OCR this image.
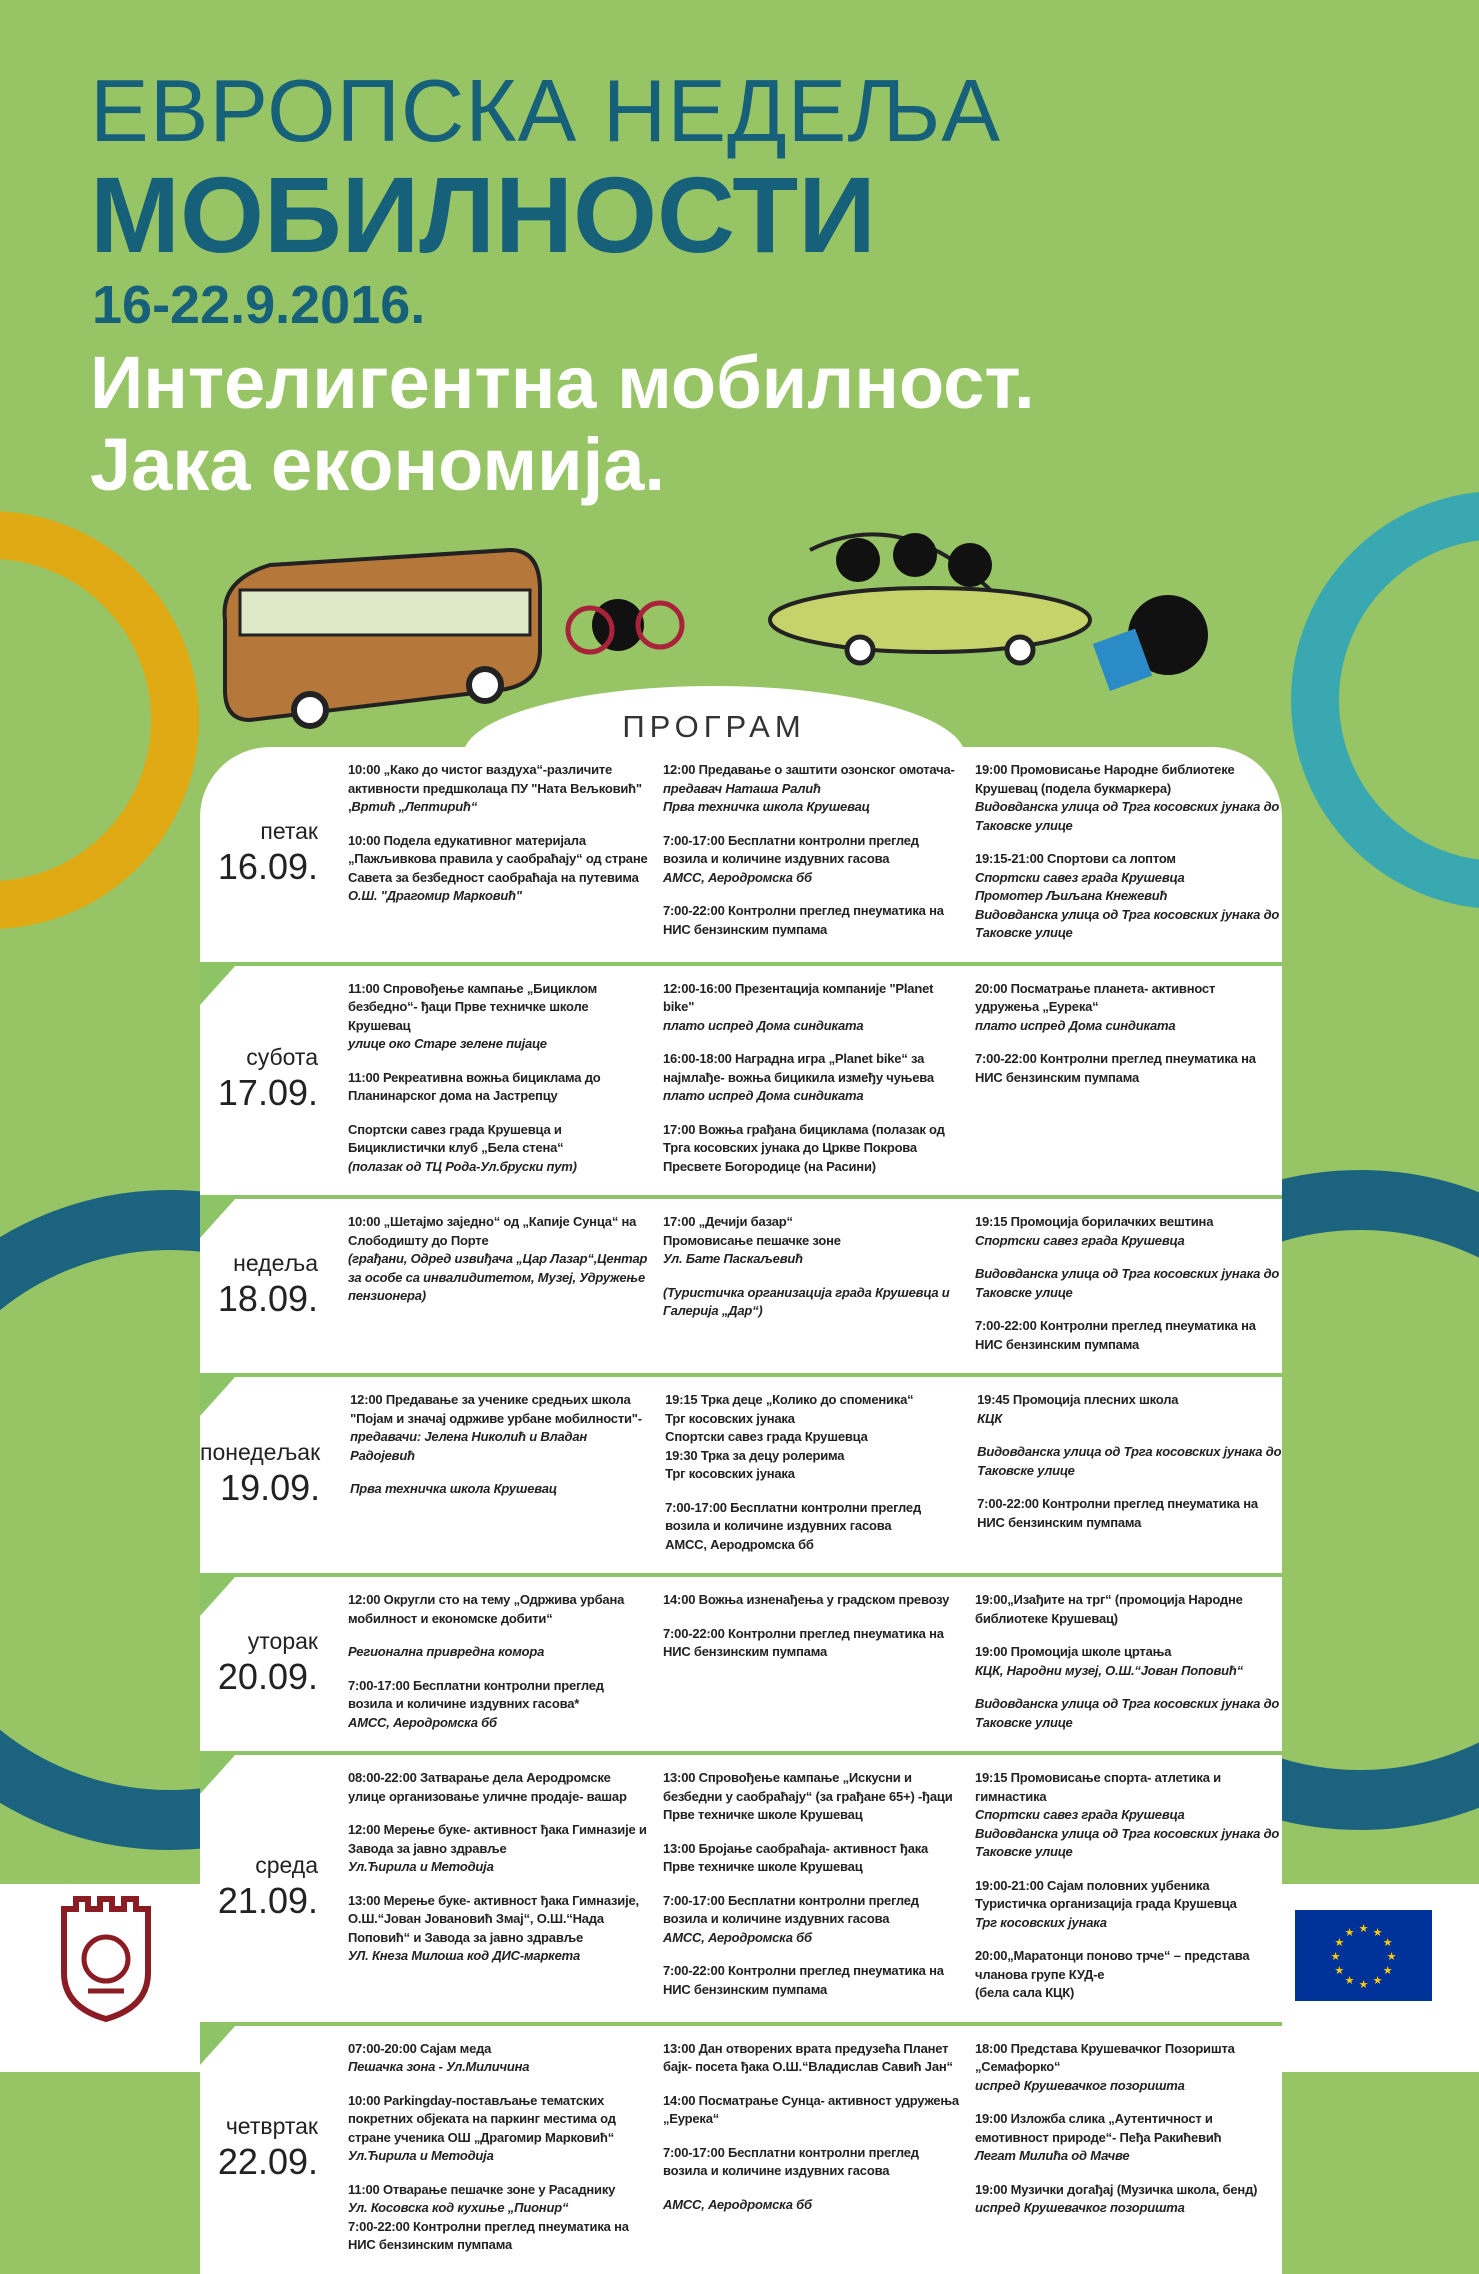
ЕВРОПСКА НЕДЕЉА
МОБИЛНОСТИ
16-22.9.2016.
Интелигентна мобилност.
Јака економија.
ПРОГРАМ
петак
16.09.
10:00 „Како до чистог ваздуха“-различите активности предшколаца ПУ "Ната Вељковић" ,Вртић „Лептирић“
10:00 Подела едукативног материјала „Пажљивкова правила у саобраћају“ од стране Савета за безбедност саобраћаја на путевима
О.Ш. "Драгомир Марковић"
12:00 Предавање о заштити озонског омотача-
предавач Наташа Ралић
Прва техничка школа Крушевац
7:00-17:00 Бесплатни контролни преглед возила и количине издувних гасова
АМСС, Аеродромска бб
7:00-22:00 Контролни преглед пнеуматика на НИС бензинским пумпама
19:00 Промовисање Народне библиотеке Крушевац (подела букмаркера)
Видовданска улица од Трга косовских јунака до Таковске улице
19:15-21:00 Спортови са лоптом
Спортски савез града Крушевца
Промотер Љиљана Кнежевић
Видовданска улица од Трга косовских јунака до Таковске улице
субота
17.09.
11:00 Спровођење кампање „Бициклом безбедно“- ђаци Прве техничке школе Крушевац
улице око Старе зелене пијаце
11:00 Рекреативна вожња бициклама до Планинарског дома на Јастрепцу
Спортски савез града Крушевца и Бициклистички клуб „Бела стена“
(полазак од ТЦ Рода-Ул.бруски пут)
12:00-16:00 Презентација компаније "Planet bike"
плато испред Дома синдиката
16:00-18:00 Наградна игра „Planet bike“ за најмлађе- вожња бицикила између чуњева
плато испред Дома синдиката
17:00 Вожња грађана бициклама (полазак од Трга косовских јунака до Цркве Покрова Пресвете Богородице (на Расини)
20:00 Посматрање планета- активност удружења „Еурека“
плато испред Дома синдиката
7:00-22:00 Контролни преглед пнеуматика на НИС бензинским пумпама
недеља
18.09.
10:00 „Шетајмо заједно“ од „Капије Сунца“ на Слободишту до Порте
(грађани, Одред извиђача „Цар Лазар“,Центар за особе са инвалидитетом, Музеј, Удружење пензионера)
17:00 „Дечији базар“
Промовисање пешачке зоне
Ул. Бате Паскаљевић
(Туристичка организација града Крушевца и Галерија „Дар“)
19:15 Промоција борилачких вештина
Спортски савез града Крушевца
Видовданска улица од Трга косовских јунака до Таковске улице
7:00-22:00 Контролни преглед пнеуматика на НИС бензинским пумпама
понедељак
19.09.
12:00 Предавање за ученике средњих школа
"Појам и значај одрживе урбане мобилности"- предавачи: Јелена Николић и Владан Радојевић
Прва техничка школа Крушевац
19:15 Трка деце „Колико до споменика“
Трг косовских јунака
Спортски савез града Крушевца
19:30 Трка за децу ролерима
Трг косовских јунака
7:00-17:00 Бесплатни контролни преглед возила и количине издувних гасова
АМСС, Аеродромска бб
19:45 Промоција плесних школа
КЦК
Видовданска улица од Трга косовских јунака до Таковске улице
7:00-22:00 Контролни преглед пнеуматика на НИС бензинским пумпама
уторак
20.09.
12:00 Округли сто на тему „Одржива урбана мобилност и економске добити“
Регионална привредна комора
7:00-17:00 Бесплатни контролни преглед возила и количине издувних гасова*
АМСС, Аеродромска бб
14:00 Вожња изненађења у градском превозу
7:00-22:00 Контролни преглед пнеуматика на НИС бензинским пумпама
19:00„Изађите на трг“ (промоција Народне библиотеке Крушевац)
19:00 Промоција школе цртања
КЦК, Народни музеј, О.Ш.“Јован Поповић“
Видовданска улица од Трга косовских јунака до Таковске улице
среда
21.09.
08:00-22:00 Затварање дела Аеродромске улице организовање уличне продаје- вашар
12:00 Мерење буке- активност ђака Гимназије и Завода за јавно здравље
Ул.Ћирила и Методија
13:00 Мерење буке- активност ђака Гимназије, О.Ш.“Јован Јовановић Змај“, О.Ш.“Нада Поповић“ и Завода за јавно здравље
УЛ. Кнеза Милоша код ДИС-маркета
13:00 Спровођење кампање „Искусни и безбедни у саобраћају“ (за грађане 65+) -ђаци Прве техничке школе Крушевац
13:00 Бројање саобраћаја- активност ђака Прве техничке школе Крушевац
7:00-17:00 Бесплатни контролни преглед возила и количине издувних гасова
АМСС, Аеродромска бб
7:00-22:00 Контролни преглед пнеуматика на НИС бензинским пумпама
19:15 Промовисање спорта- атлетика и гимнастика
Спортски савез града Крушевца
Видовданска улица од Трга косовских јунака до Таковске улице
19:00-21:00 Сајам половних уџбеника
Туристичка организација града Крушевца
Трг косовских јунака
20:00„Маратонци поново трче“ – представа чланова групе КУД-е
(бела сала КЦК)
четвртак
22.09.
07:00-20:00 Сајам меда
Пешачка зона - Ул.Миличина
10:00 Parkingday-постављање тематских покретних објеката на паркинг местима од стране ученика ОШ „Драгомир Марковић“
Ул.Ћирила и Методија
11:00 Отварање пешачке зоне у Расаднику
Ул. Косовска код кухиње „Пионир“
7:00-22:00 Контролни преглед пнеуматика на НИС бензинским пумпама
13:00 Дан отворених врата предузећа Планет бајк- посета ђака О.Ш.“Владислав Савић Јан“
14:00 Посматрање Сунца- активност удружења „Еурека“
7:00-17:00 Бесплатни контролни преглед возила и количине издувних гасова
АМСС, Аеродромска бб
18:00 Представа Крушевачког Позоришта „Семафорко“
испред Крушевачког позоришта
19:00 Изложба слика „Аутентичност и емотивност природе“- Пеђа Ракићевић
Легат Милића од Мачве
19:00 Музички догађај (Музичка школа, бенд)
испред Крушевачког позоришта
★
★
★
★
★
★
★
★
★ ★ ★
★
